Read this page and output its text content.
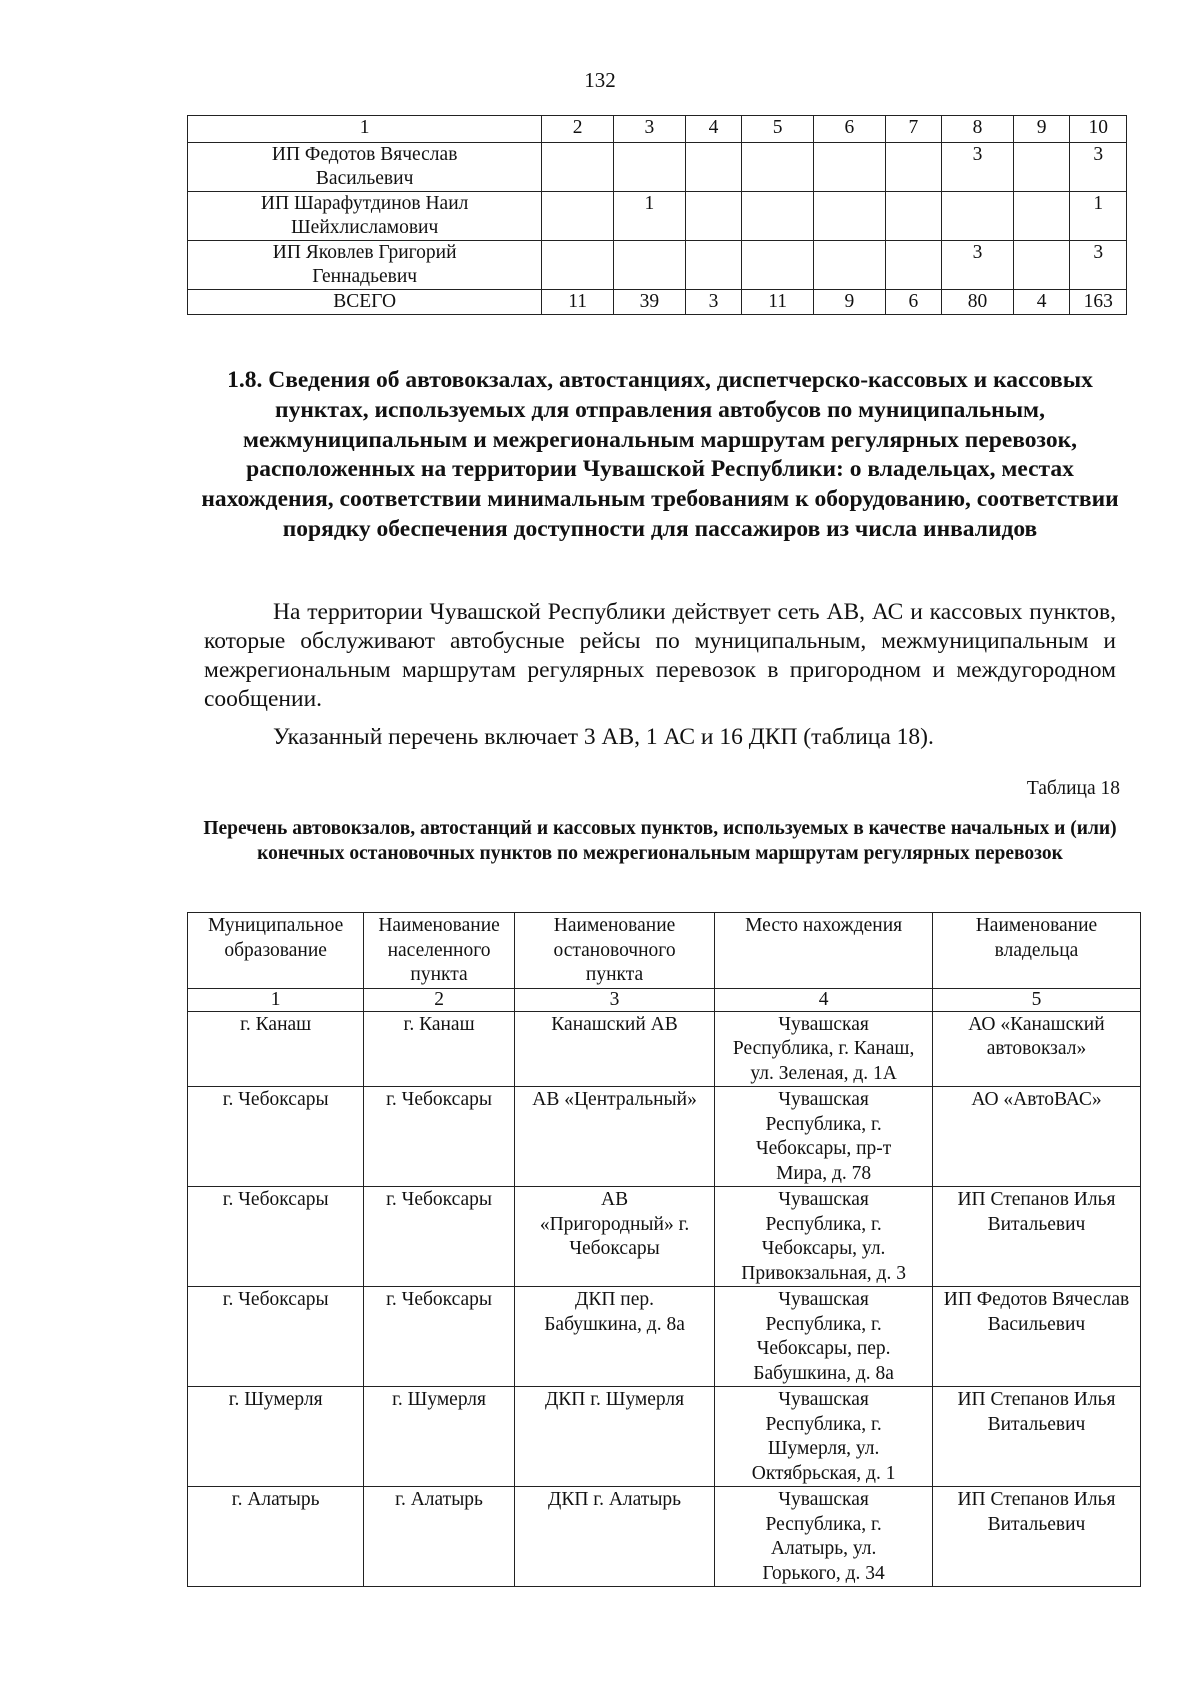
132
1	2	3	4	5	6	7	8	9	10
ИП Федотов Вячеслав Васильевич							3		3
ИП Шарафутдинов Наил Шейхлисламович		1							1
ИП Яковлев Григорий Геннадьевич							3		3
ВСЕГО	11	39	3	11	9	6	80	4	163
1.8. Сведения об автовокзалах, автостанциях, диспетчерско-кассовых и кассовых пунктах, используемых для отправления автобусов по муниципальным, межмуниципальным и межрегиональным маршрутам регулярных перевозок, расположенных на территории Чувашской Республики: о владельцах, местах нахождения, соответствии минимальным требованиям к оборудованию, соответствии порядку обеспечения доступности для пассажиров из числа инвалидов
На территории Чувашской Республики действует сеть АВ, АС и кассовых пунктов, которые обслуживают автобусные рейсы по муниципальным, межмуниципальным и межрегиональным маршрутам регулярных перевозок в пригородном и междугородном сообщении.
Указанный перечень включает 3 АВ, 1 АС и 16 ДКП (таблица 18).
Таблица 18
Перечень автовокзалов, автостанций и кассовых пунктов, используемых в качестве начальных и (или) конечных остановочных пунктов по межрегиональным маршрутам регулярных перевозок
Муниципальное образование	Наименование населенного пункта	Наименование остановочного пункта	Место нахождения	Наименование владельца
1	2	3	4	5
г. Канаш	г. Канаш	Канашский АВ	Чувашская Республика, г. Канаш, ул. Зеленая, д. 1А	АО «Канашский автовокзал»
г. Чебоксары	г. Чебоксары	АВ «Центральный»	Чувашская Республика, г. Чебоксары, пр-т Мира, д. 78	АО «АвтоВАС»
г. Чебоксары	г. Чебоксары	АВ «Пригородный» г. Чебоксары	Чувашская Республика, г. Чебоксары, ул. Привокзальная, д. 3	ИП Степанов Илья Витальевич
г. Чебоксары	г. Чебоксары	ДКП пер. Бабушкина, д. 8а	Чувашская Республика, г. Чебоксары, пер. Бабушкина, д. 8а	ИП Федотов Вячеслав Васильевич
г. Шумерля	г. Шумерля	ДКП г. Шумерля	Чувашская Республика, г. Шумерля, ул. Октябрьская, д. 1	ИП Степанов Илья Витальевич
г. Алатырь	г. Алатырь	ДКП г. Алатырь	Чувашская Республика, г. Алатырь, ул. Горького, д. 34	ИП Степанов Илья Витальевич
